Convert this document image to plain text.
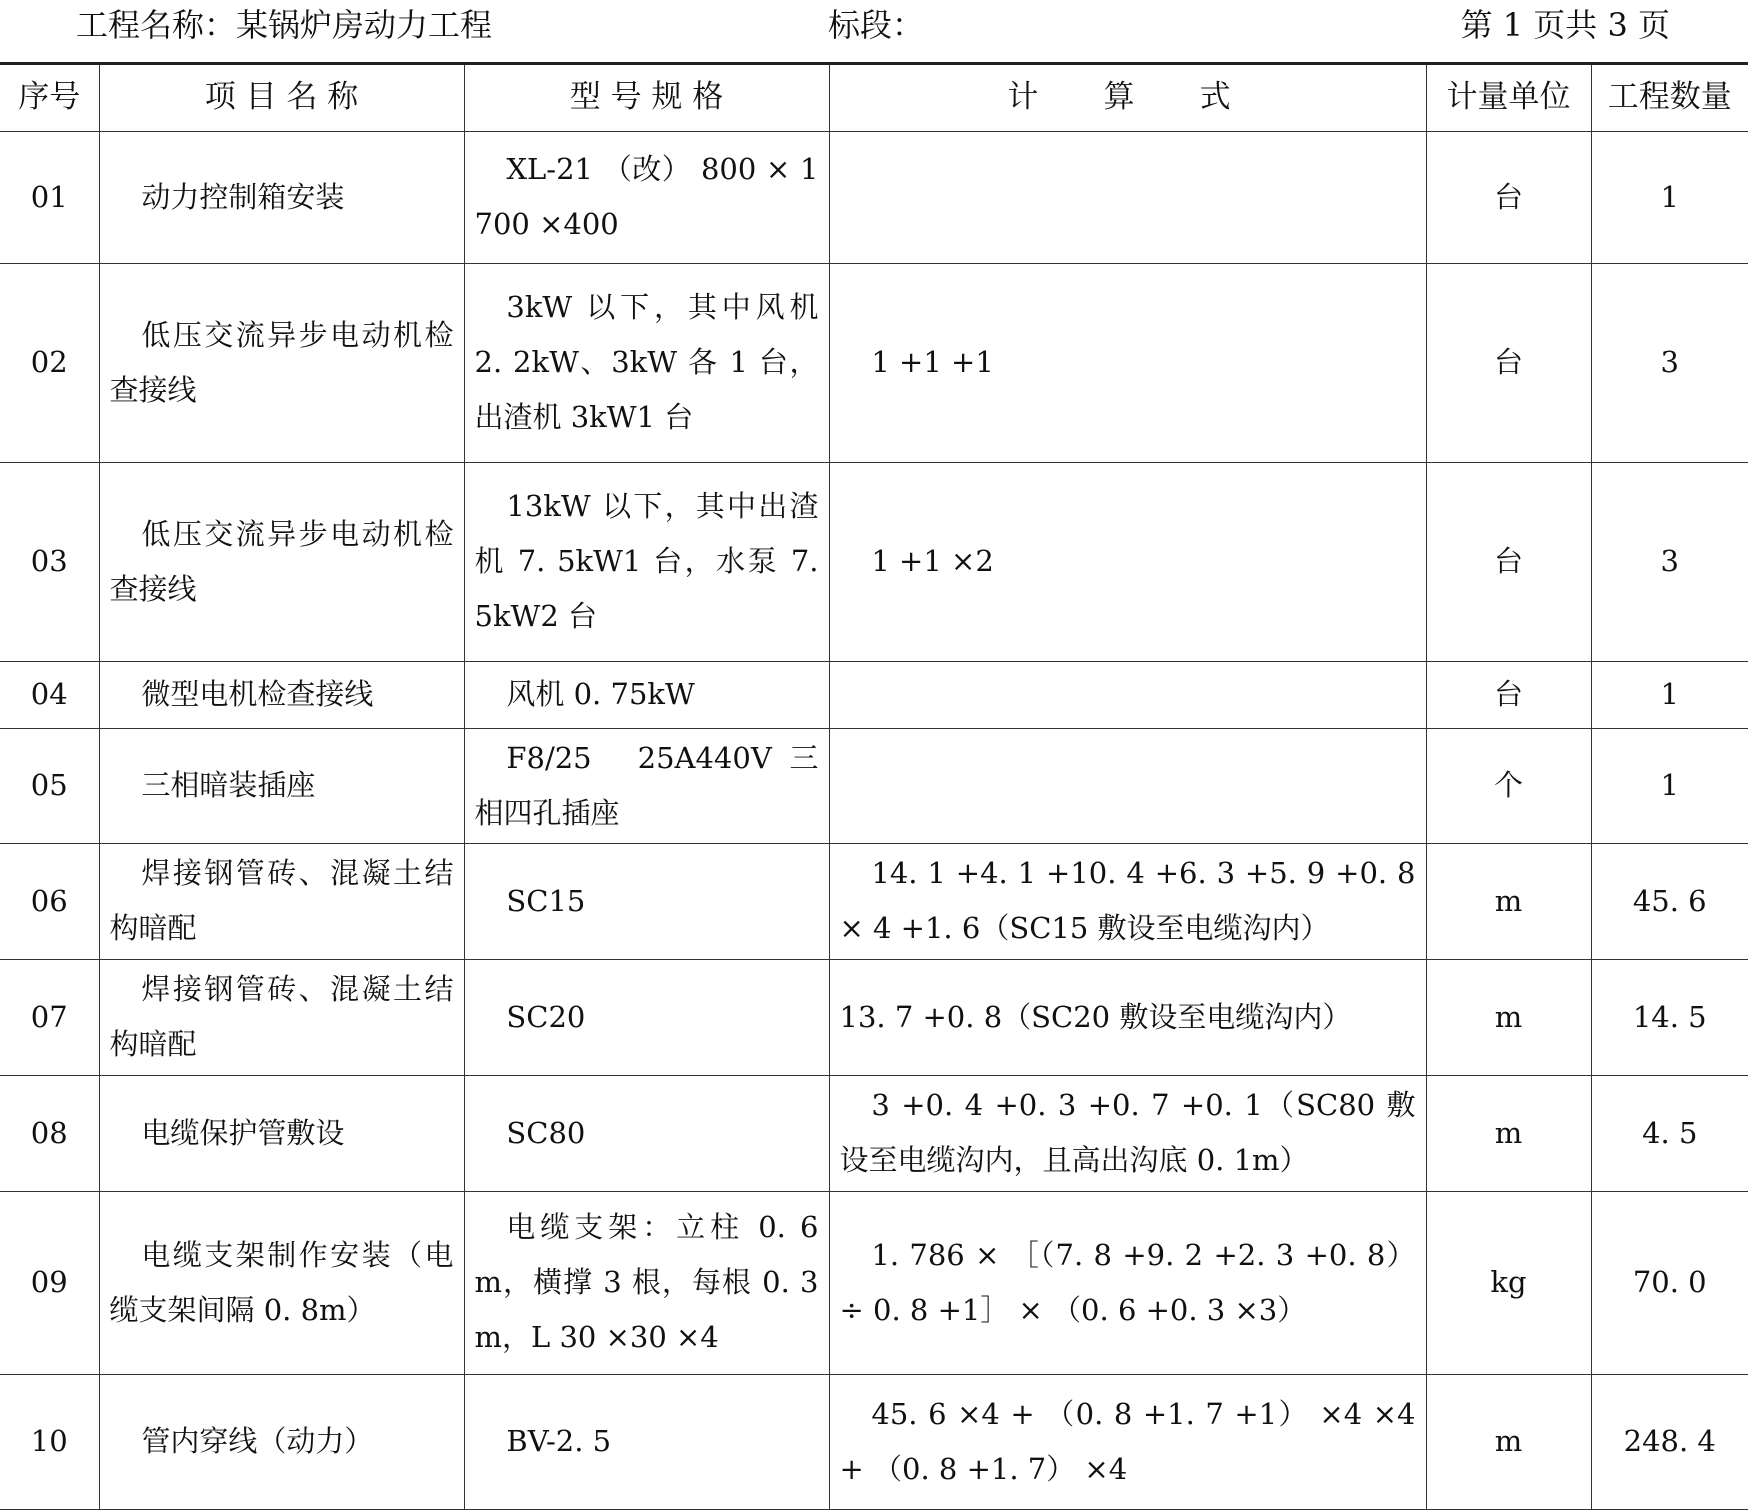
工程名称：某锅炉房动力工程	标段：	第 1 页共 3 页
序号	项 目 名 称	型 号 规 格	计　算　式	计量单位	工程数量
01	动力控制箱安装	XL-21 （改） 800 × 1700 ×400		台	1
02	低压交流异步电动机检查接线	3kW 以下，其中风机 2. 2kW、3kW 各 1 台，出渣机 3kW1 台	1 +1 +1	台	3
03	低压交流异步电动机检查接线	13kW 以下，其中出渣机 7. 5kW1 台，水泵 7. 5kW2 台	1 +1 ×2	台	3
04	微型电机检查接线	风机 0. 75kW		台	1
05	三相暗装插座	F8/25　25A440V 三相四孔插座		个	1
06	焊接钢管砖、混凝土结构暗配	SC15	14. 1 +4. 1 +10. 4 +6. 3 +5. 9 +0. 8 × 4 +1. 6（SC15 敷设至电缆沟内）	m	45. 6
07	焊接钢管砖、混凝土结构暗配	SC20	13. 7 +0. 8（SC20 敷设至电缆沟内）	m	14. 5
08	电缆保护管敷设	SC80	3 +0. 4 +0. 3 +0. 7 +0. 1（SC80 敷设至电缆沟内，且高出沟底 0. 1m）	m	4. 5
09	电缆支架制作安装（电缆支架间隔 0. 8m）	电缆支架：立柱 0. 6m，横撑 3 根，每根 0. 3m，L 30 ×30 ×4	1. 786 × ［（7. 8 +9. 2 +2. 3 +0. 8） ÷ 0. 8 +1］ × （0. 6 +0. 3 ×3）	kg	70. 0
10	管内穿线（动力）	BV-2. 5	45. 6 ×4 + （0. 8 +1. 7 +1） ×4 ×4 + （0. 8 +1. 7） ×4	m	248. 4
